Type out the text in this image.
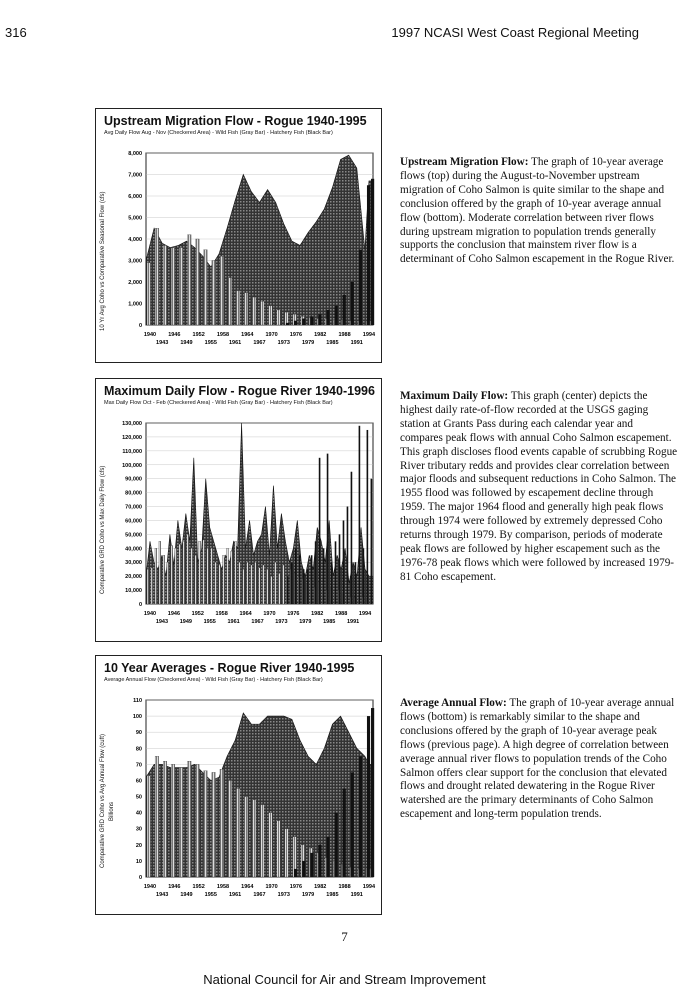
316	1997 NCASI West Coast Regional Meeting
Upstream Migration Flow - Rogue 1940-1995
Avg Daily Flow Aug - Nov (Checkered Area) - Wild Fish (Gray Bar) - Hatchery Fish (Black Bar)
10 Yr Avg Coho vs Comparative Seasonal Flow (cfs)
8,000
7,000
6,000
5,000
4,000
3,000
2,000
1,000
0
1940 1946 1952 1958 1964 1970 1976 1982 1988 1994
1943 1949 1955 1961 1967 1973 1979 1985 1991
Maximum Daily Flow - Rogue River 1940-1996
Max Daily Flow Oct - Feb (Checkered Area) - Wild Fish (Gray Bar) - Hatchery Fish (Black Bar)
Comparative GRD Coho vs Max Daily Flow (cfs)
130,000
120,000
110,000
100,000
90,000
80,000
70,000
60,000
50,000
40,000
30,000
20,000
10,000
0
1940 1946 1952 1958 1964 1970 1976 1982 1988 1994
1943 1949 1955 1961 1967 1973 1979 1985 1991
10 Year Averages - Rogue River 1940-1995
Average Annual Flow (Checkered Area) - Wild Fish (Gray Bar) - Hatchery Fish (Black Bar)
Comparative GRD Coho vs Avg Annual Flow (cuft) Billions
110
100
90
80
70
60
50
40
30
20
10
0
1940 1946 1952 1958 1964 1970 1976 1982 1988 1994
1943 1949 1955 1961 1967 1973 1979 1985 1991
Upstream Migration Flow: The graph of 10-year average flows (top) during the August-to-November upstream migration of Coho Salmon is quite similar to the shape and conclusion offered by the graph of 10-year average annual flow (bottom). Moderate correlation between river flows during upstream migration to population trends generally supports the conclusion that mainstem river flow is a determinant of Coho Salmon escapement in the Rogue River.
Maximum Daily Flow: This graph (center) depicts the highest daily rate-of-flow recorded at the USGS gaging station at Grants Pass during each calendar year and compares peak flows with annual Coho Salmon escapement. This graph discloses flood events capable of scrubbing Rogue River tributary redds and provides clear correlation between major floods and subsequent reductions in Coho Salmon. The 1955 flood was followed by escapement decline through 1959. The major 1964 flood and generally high peak flows through 1974 were followed by extremely depressed Coho returns through 1979. By comparison, periods of moderate peak flows are followed by higher escapement such as the 1976-78 peak flows which were followed by increased 1979-81 Coho escapement.
Average Annual Flow: The graph of 10-year average annual flows (bottom) is remarkably similar to the shape and conclusions offered by the graph of 10-year average peak flows (previous page). A high degree of correlation between average annual river flows to population trends of the Coho Salmon offers clear support for the conclusion that elevated flows and drought related dewatering in the Rogue River watershed are the primary determinants of Coho Salmon escapement and long-term population trends.
7
National Council for Air and Stream Improvement
